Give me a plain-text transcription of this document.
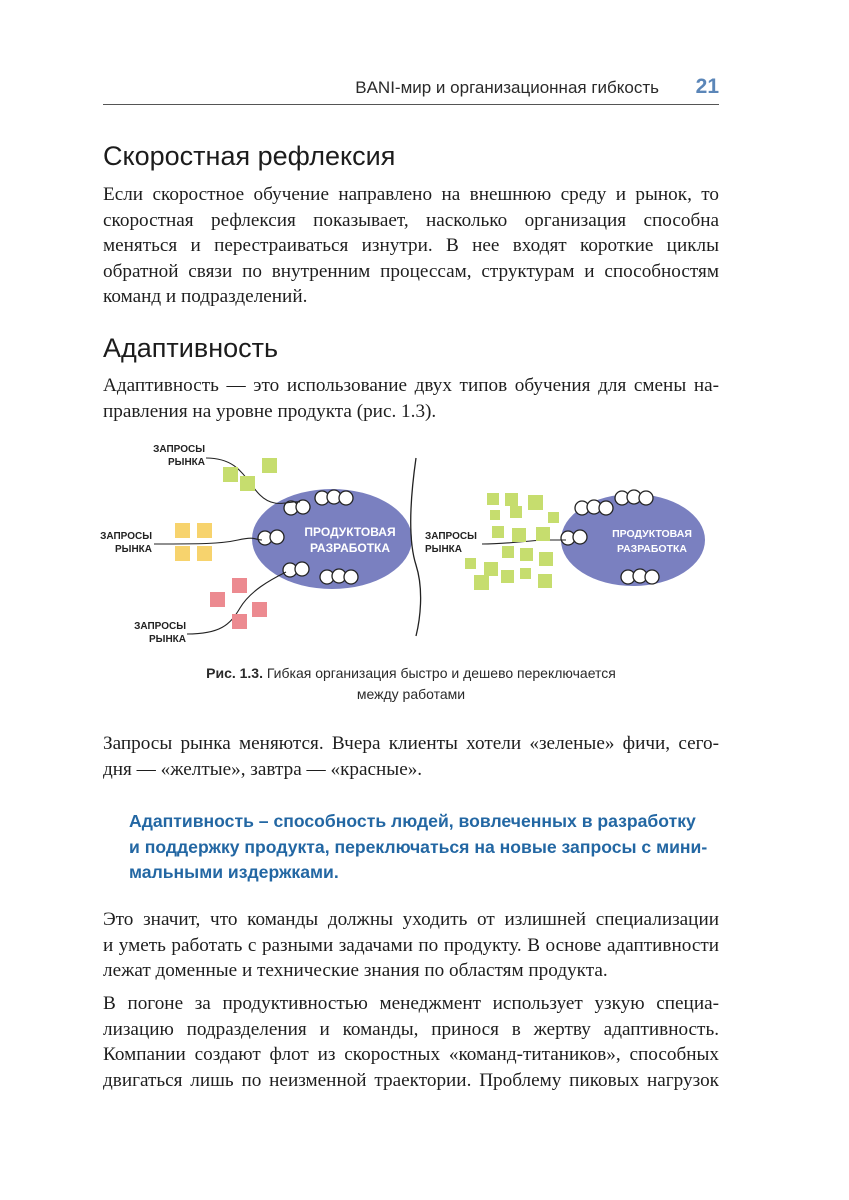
BANI-мир и организационная гибкость 21
Скоростная рефлексия
Если скоростное обучение направлено на внешнюю среду и рынок, то
скоростная рефлексия показывает, насколько организация способна
меняться и перестраиваться изнутри. В нее входят короткие циклы
обратной связи по внутренним процессам, структурам и способностям
команд и подразделений.
Адаптивность
Адаптивность — это использование двух типов обучения для смены на-
правления на уровне продукта (рис. 1.3).
ПРОДУКТОВАЯ
РАЗРАБОТКА
ЗАПРОСЫ
РЫНКА
ЗАПРОСЫ
РЫНКА
ЗАПРОСЫ
РЫНКА
ПРОДУКТОВАЯ
РАЗРАБОТКА
ЗАПРОСЫ
РЫНКА
Рис. 1.3. Гибкая организация быстро и дешево переключается
между работами
Запросы рынка меняются. Вчера клиенты хотели «зеленые» фичи, сего-
дня — «желтые», завтра — «красные».
Адаптивность – способность людей, вовлеченных в разработку
и поддержку продукта, переключаться на новые запросы с мини-
мальными издержками.
Это значит, что команды должны уходить от излишней специализации
и уметь работать с разными задачами по продукту. В основе адаптивности
лежат доменные и технические знания по областям продукта.
В погоне за продуктивностью менеджмент использует узкую специа-
лизацию подразделения и команды, принося в жертву адаптивность.
Компании создают флот из скоростных «команд-титаников», способных
двигаться лишь по неизменной траектории. Проблему пиковых нагрузок
